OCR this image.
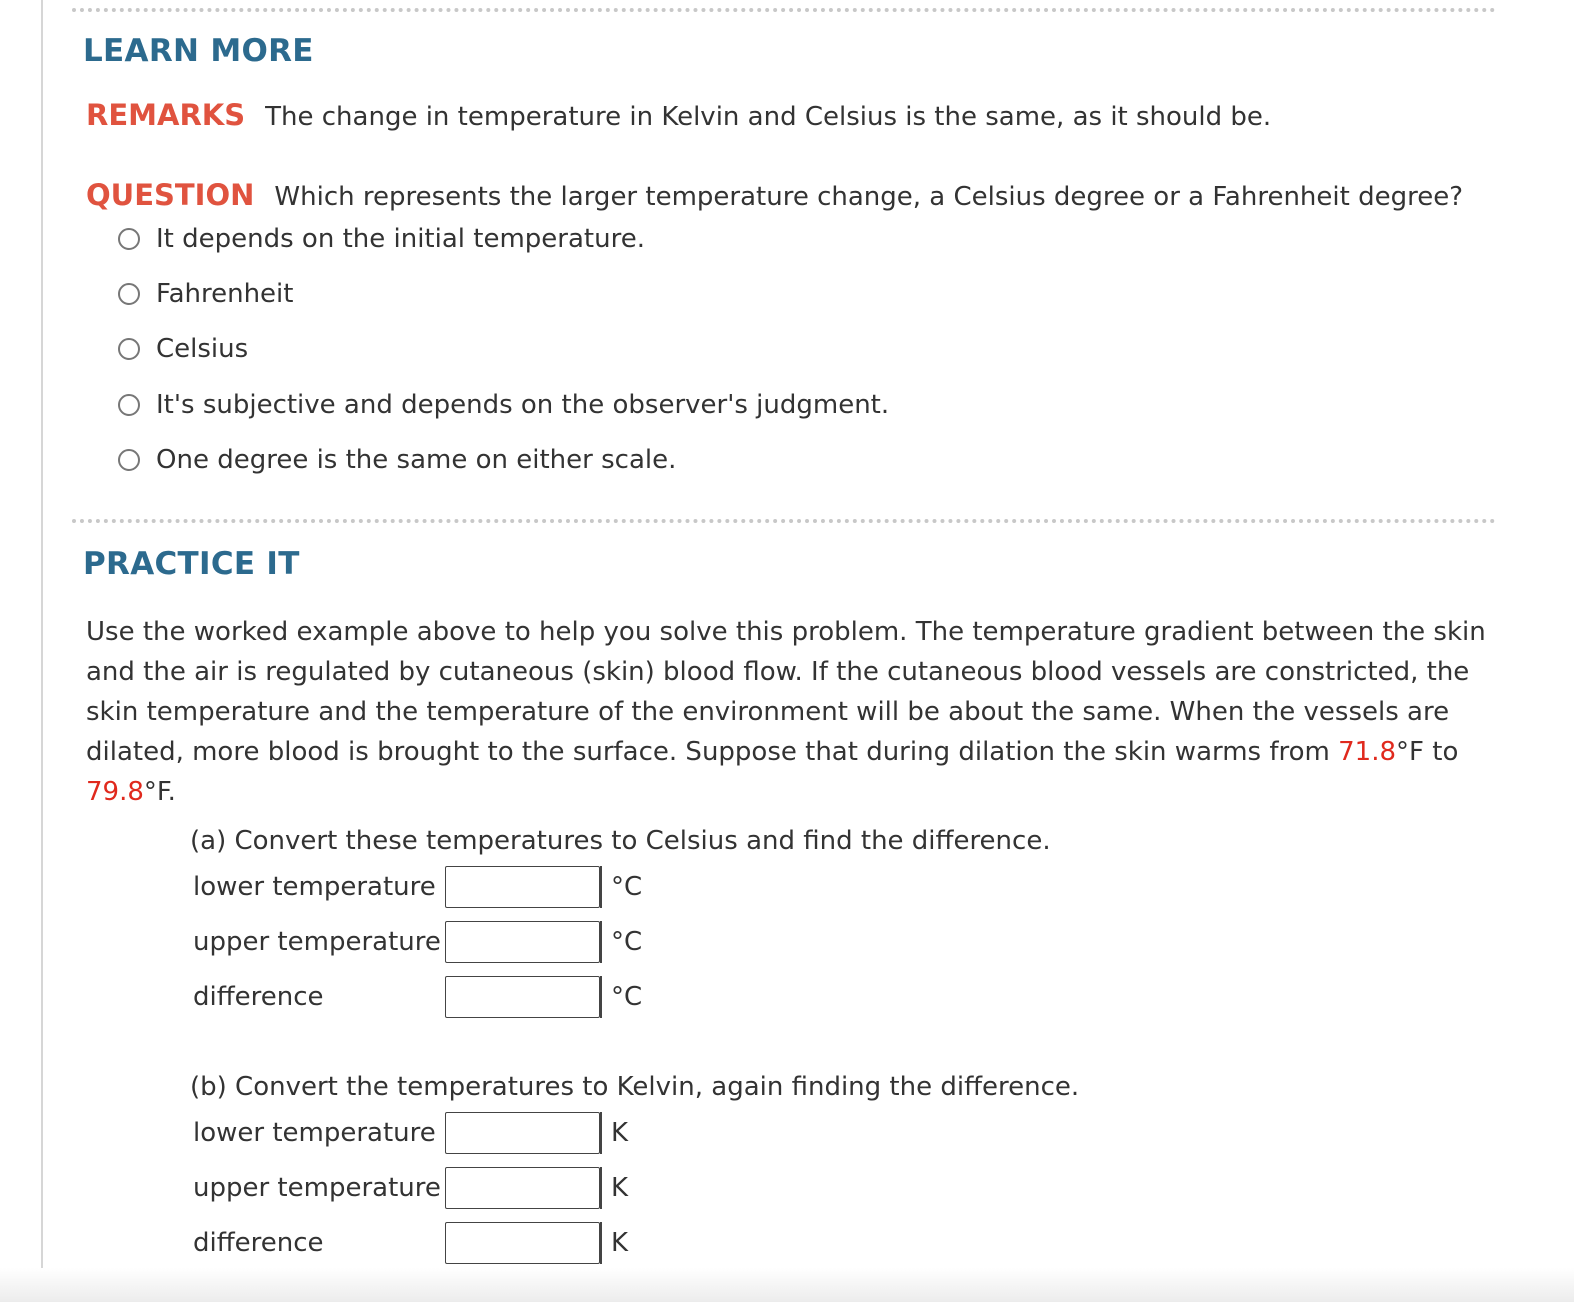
LEARN MORE
REMARKS The change in temperature in Kelvin and Celsius is the same, as it should be.
QUESTION Which represents the larger temperature change, a Celsius degree or a Fahrenheit degree?
It depends on the initial temperature.
Fahrenheit
Celsius
It's subjective and depends on the observer's judgment.
One degree is the same on either scale.
PRACTICE IT

Use the worked example above to help you solve this problem. The temperature gradient between the skin and the air is regulated by cutaneous (skin) blood flow. If the cutaneous blood vessels are constricted, the skin temperature and the temperature of the environment will be about the same. When the vessels are dilated, more blood is brought to the surface. Suppose that during dilation the skin warms from 71.8°F to 79.8°F.

(a) Convert these temperatures to Celsius and find the difference.
lower temperature	°C
upper temperature	°C
difference	°C
(b) Convert the temperatures to Kelvin, again finding the difference.
lower temperature	K
upper temperature	K
difference	K
